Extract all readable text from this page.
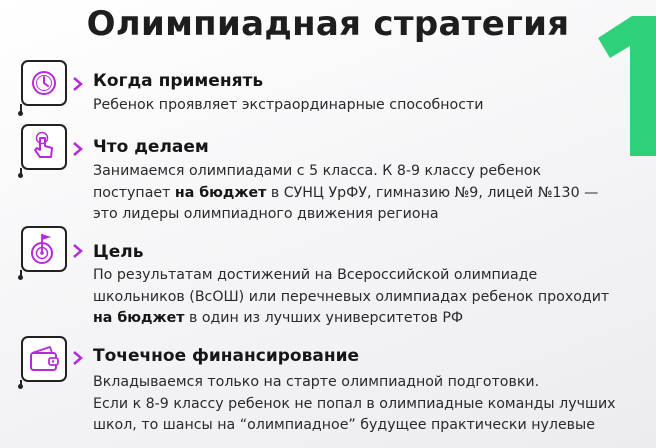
Олимпиадная стратегия
Когда применять
Ребенок проявляет экстраординарные способности
Что делаем
Занимаемся олимпиадами с 5 класса. К 8-9 классу ребенок
поступает на бюджет в СУНЦ УрФУ, гимназию №9, лицей №130 —
это лидеры олимпиадного движения региона
Цель
По результатам достижений на Всероссийской олимпиаде
школьников (ВсОШ) или перечневых олимпиадах ребенок проходит
на бюджет в один из лучших университетов РФ
Точечное финансирование
Вкладываемся только на старте олимпиадной подготовки.
Если к 8-9 классу ребенок не попал в олимпиадные команды лучших
школ, то шансы на “олимпиадное” будущее практически нулевые
